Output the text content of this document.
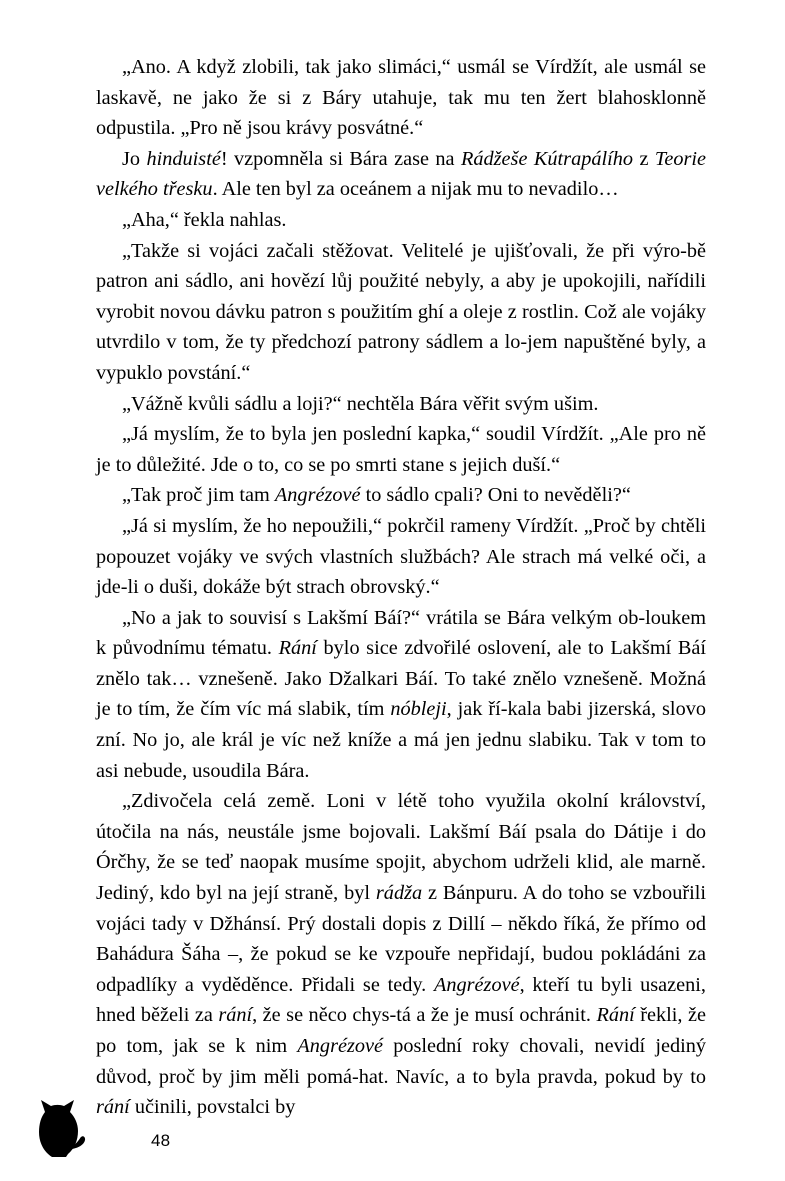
„Ano. A když zlobili, tak jako slimáci,“ usmál se Vírdžít, ale usmál se laskavě, ne jako že si z Báry utahuje, tak mu ten žert blahosklonně odpustila. „Pro ně jsou krávy posvátné.“

Jo hinduisté! vzpomněla si Bára zase na Rádžeše Kútrapálího z Teorie velkého třesku. Ale ten byl za oceánem a nijak mu to nevadilo…

„Aha,“ řekla nahlas.

„Takže si vojáci začali stěžovat. Velitelé je ujišťovali, že při výro-bě patron ani sádlo, ani hovězí lůj použité nebyly, a aby je upokojili, nařídili vyrobit novou dávku patron s použitím ghí a oleje z rostlin. Což ale vojáky utvrdilo v tom, že ty předchozí patrony sádlem a lo-jem napuštěné byly, a vypuklo povstání.“

„Vážně kvůli sádlu a loji?“ nechtěla Bára věřit svým ušim.

„Já myslím, že to byla jen poslední kapka,“ soudil Vírdžít. „Ale pro ně je to důležité. Jde o to, co se po smrti stane s jejich duší.“

„Tak proč jim tam Angrézové to sádlo cpali? Oni to nevěděli?“

„Já si myslím, že ho nepoužili,“ pokrčil rameny Vírdžít. „Proč by chtěli popouzet vojáky ve svých vlastních službách? Ale strach má velké oči, a jde-li o duši, dokáže být strach obrovský.“

„No a jak to souvisí s Lakšmí Báí?“ vrátila se Bára velkým ob-loukem k původnímu tématu. Rání bylo sice zdvořilé oslovení, ale to Lakšmí Báí znělo tak… vznešeně. Jako Džalkari Báí. To také znělo vznešeně. Možná je to tím, že čím víc má slabik, tím nóbleji, jak ří-kala babi jizerská, slovo zní. No jo, ale král je víc než kníže a má jen jednu slabiku. Tak v tom to asi nebude, usoudila Bára.

„Zdivočela celá země. Loni v létě toho využila okolní království, útočila na nás, neustále jsme bojovali. Lakšmí Báí psala do Dátije i do Órčhy, že se teď naopak musíme spojit, abychom udrželi klid, ale marně. Jediný, kdo byl na její straně, byl rádža z Bánpuru. A do toho se vzbouřili vojáci tady v Džhánsí. Prý dostali dopis z Dillí – někdo říká, že přímo od Bahádura Šáha –, že pokud se ke vzpouře nepřidají, budou pokládáni za odpadlíky a vyděděnce. Přidali se tedy. Angrézové, kteří tu byli usazeni, hned běželi za rání, že se něco chys-tá a že je musí ochránit. Rání řekli, že po tom, jak se k nim Angrézové poslední roky chovali, nevidí jediný důvod, proč by jim měli pomá-hat. Navíc, a to byla pravda, pokud by to rání učinili, povstalci by

48
